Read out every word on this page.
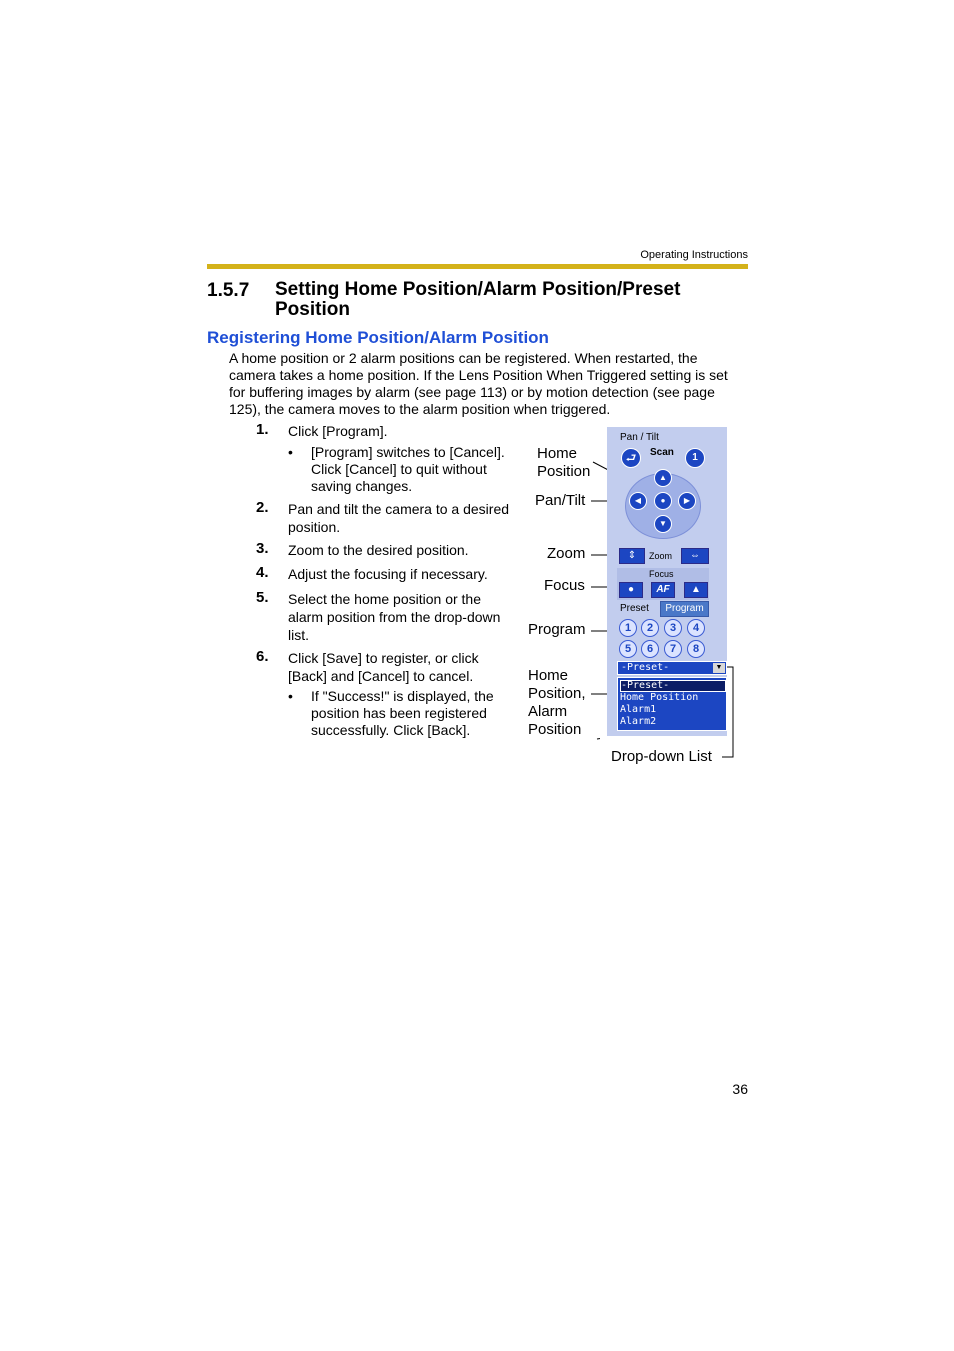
Operating Instructions
1.5.7 Setting Home Position/Alarm Position/Preset Position
Registering Home Position/Alarm Position
A home position or 2 alarm positions can be registered. When restarted, the camera takes a home position. If the Lens Position When Triggered setting is set for buffering images by alarm (see page 113) or by motion detection (see page 125), the camera moves to the alarm position when triggered.
1. Click [Program].
• [Program] switches to [Cancel]. Click [Cancel] to quit without saving changes.
2. Pan and tilt the camera to a desired position.
3. Zoom to the desired position.
4. Adjust the focusing if necessary.
5. Select the home position or the alarm position from the drop-down list.
6. Click [Save] to register, or click [Back] and [Cancel] to cancel.
• If "Success!" is displayed, the position has been registered successfully. Click [Back].
Home
Position
Pan/Tilt
Zoom
Focus
Program
Home
Position,
Alarm
Position
Drop-down List
Pan / Tilt
⮐	Scan	1
▲
◀	●	▶
▼
⇕	Zoom	⇔
Focus
●	AF	▲
Preset	Program
1	2	3	4
5	6	7	8
-Preset-	▼
-Preset-
Home Position
Alarm1
Alarm2
36
